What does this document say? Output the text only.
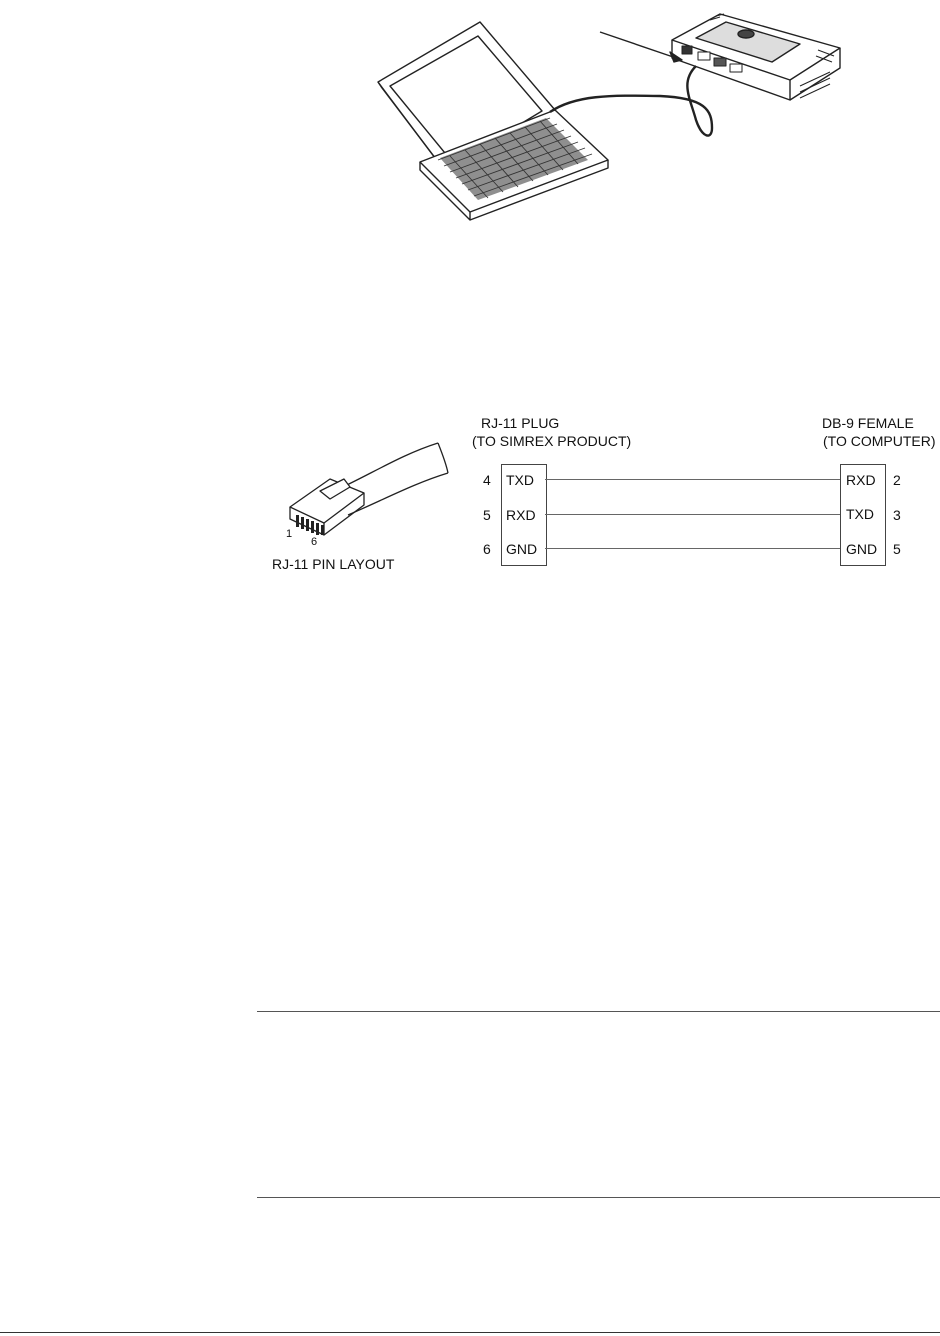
1
6
RJ-11 PIN LAYOUT
RJ-11 PLUG
(TO SIMREX PRODUCT)
DB-9 FEMALE
(TO COMPUTER)
4 TXD	RXD 2
5 RXD	TXD 3
6 GND	GND 5
